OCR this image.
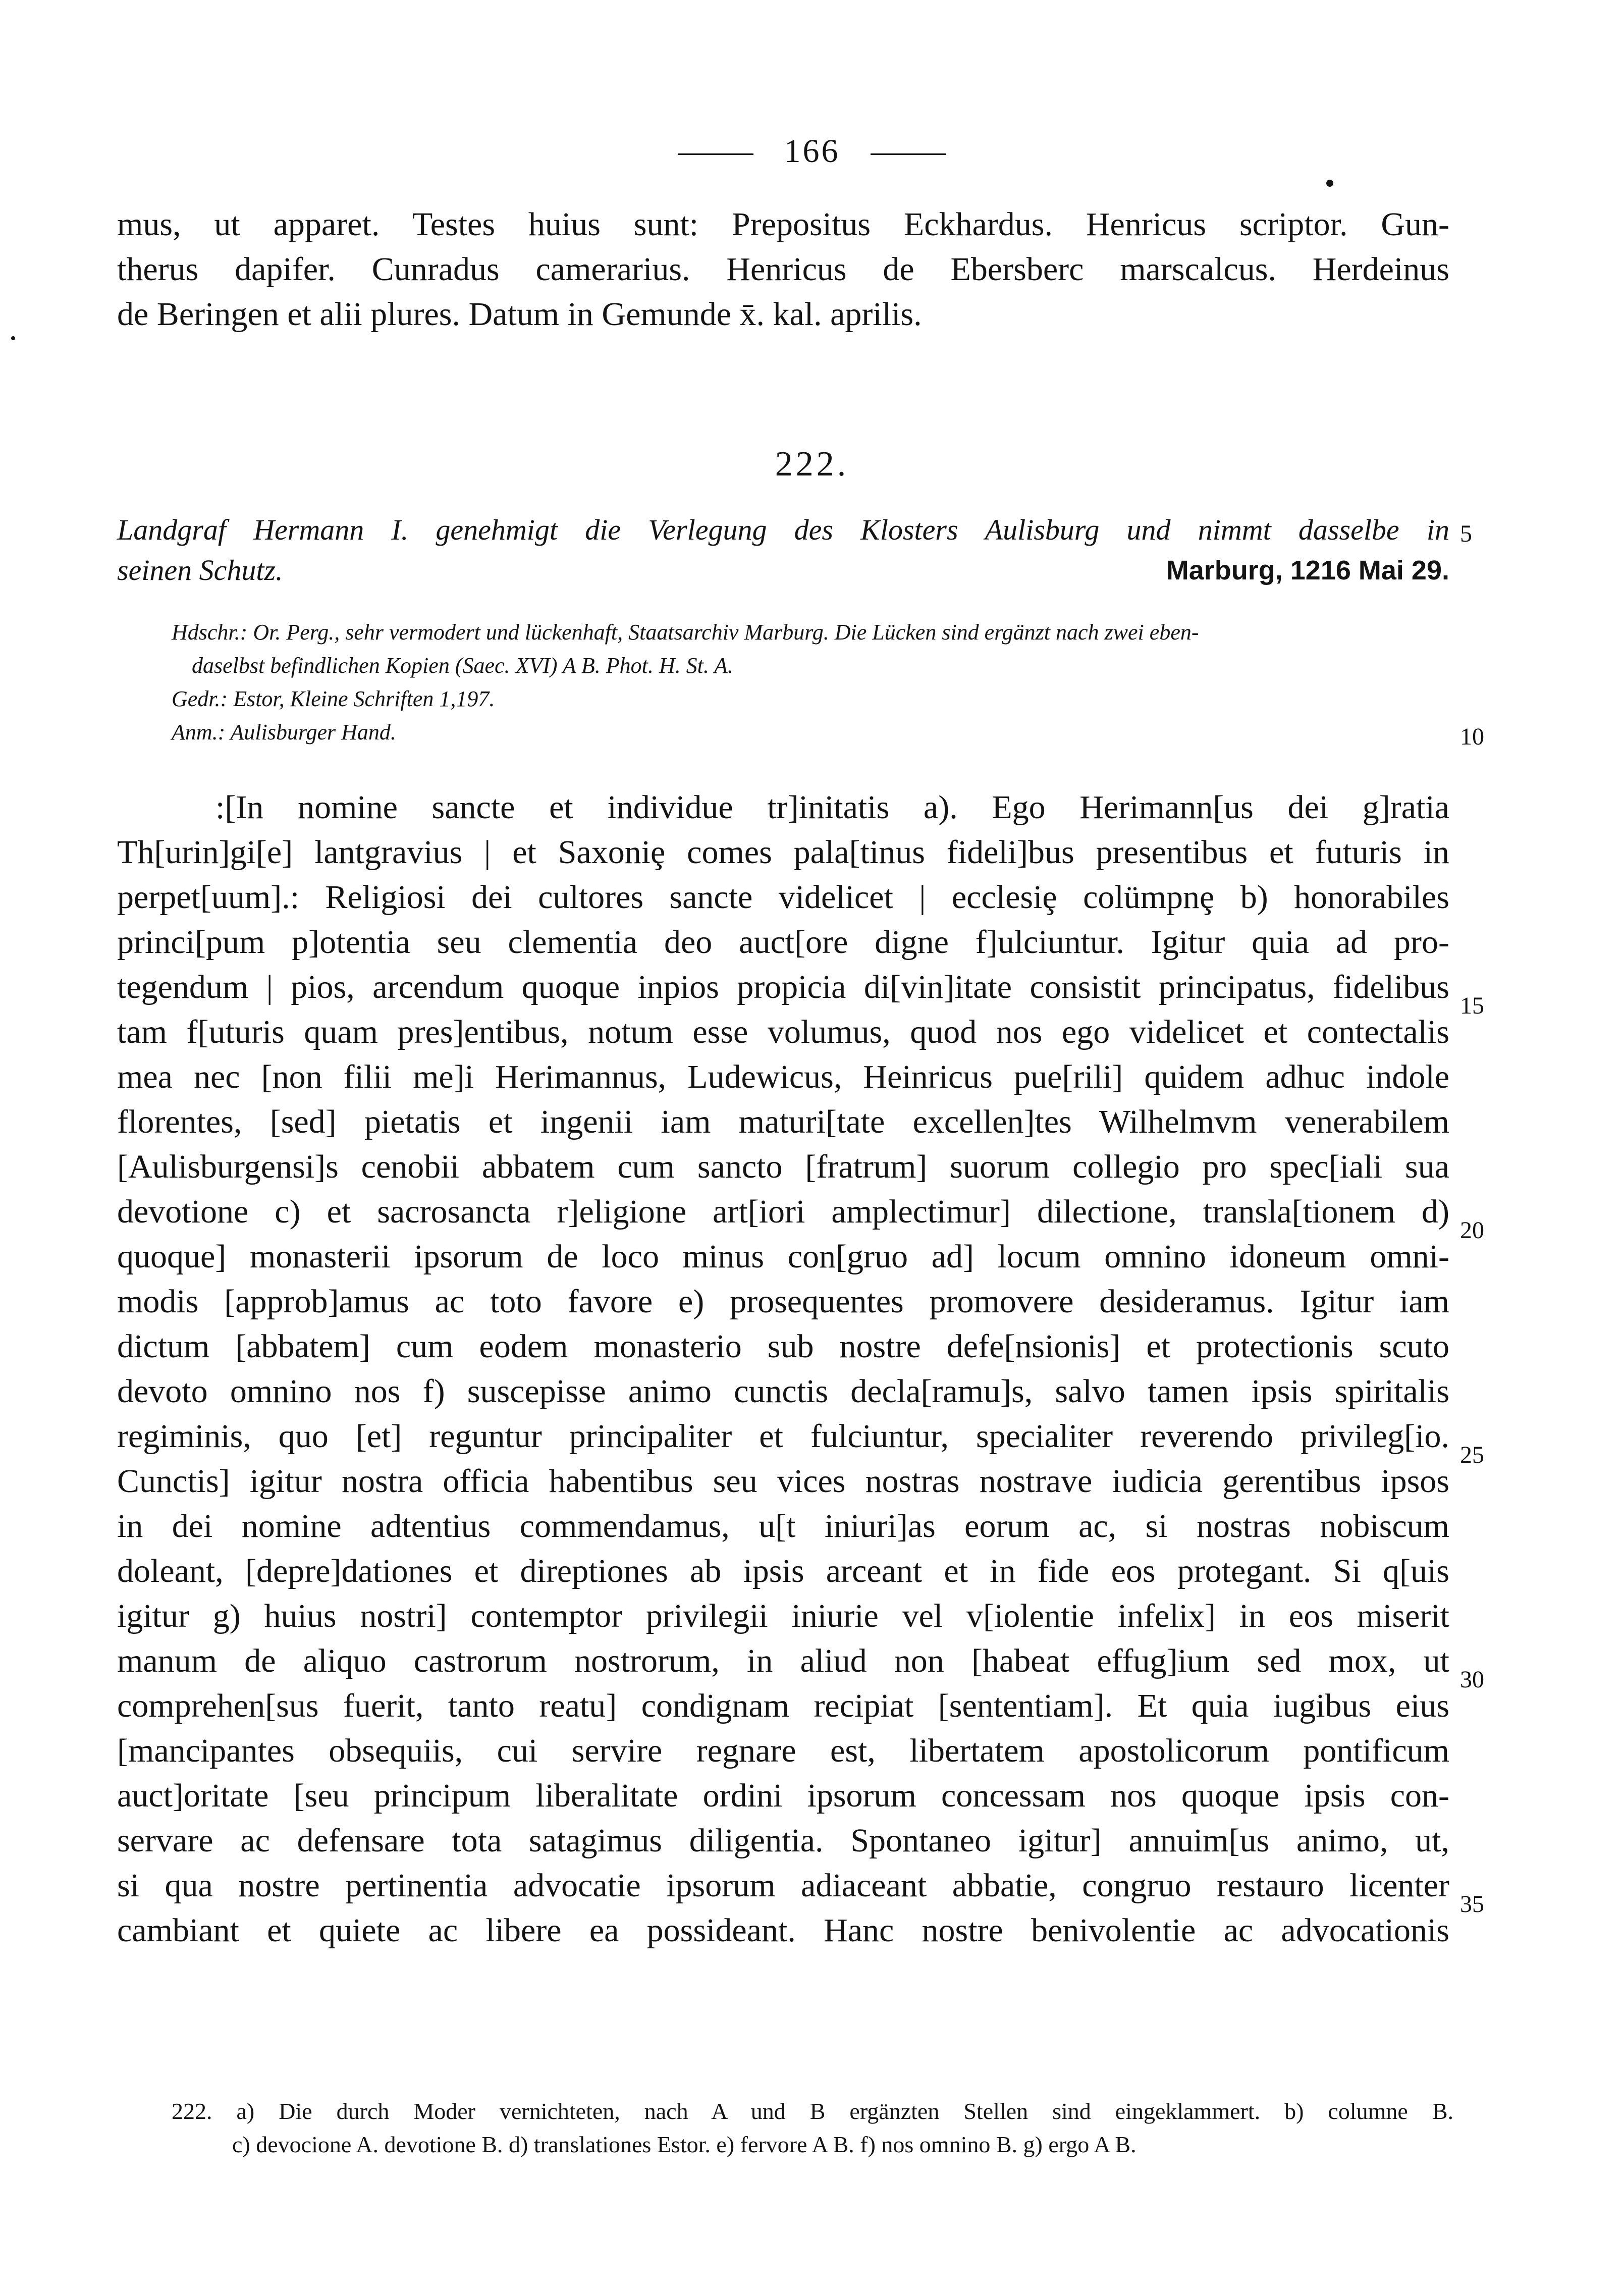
166
mus, ut apparet. Testes huius sunt: Prepositus Eckhardus. Henricus scriptor. Gun-
therus dapifer. Cunradus camerarius. Henricus de Ebersberc marscalcus. Herdeinus
de Beringen et alii plures. Datum in Gemunde x̄. kal. aprilis.
222.
Landgraf Hermann I. genehmigt die Verlegung des Klosters Aulisburg und nimmt dasselbe in
seinen Schutz.	Marburg, 1216 Mai 29.
Hdschr.: Or. Perg., sehr vermodert und lückenhaft, Staatsarchiv Marburg. Die Lücken sind ergänzt nach zwei eben-
daselbst befindlichen Kopien (Saec. XVI) A B. Phot. H. St. A.
Gedr.: Estor, Kleine Schriften 1,197.
Anm.: Aulisburger Hand.
:[In nomine sancte et individue tr]initatis a). Ego Herimann[us dei g]ratia
Th[urin]gi[e] lantgravius | et Saxoniȩ comes pala[tinus fideli]bus presentibus et futuris in
perpet[uum].: Religiosi dei cultores sancte videlicet | ecclesiȩ colümpnȩ b) honorabiles
princi[pum p]otentia seu clementia deo auct[ore digne f]ulciuntur. Igitur quia ad pro-
tegendum | pios, arcendum quoque inpios propicia di[vin]itate consistit principatus, fidelibus
tam f[uturis quam pres]entibus, notum esse volumus, quod nos ego videlicet et contectalis
mea nec [non filii me]i Herimannus, Ludewicus, Heinricus pue[rili] quidem adhuc indole
florentes, [sed] pietatis et ingenii iam maturi[tate excellen]tes Wilhelmvm venerabilem
[Aulisburgensi]s cenobii abbatem cum sancto [fratrum] suorum collegio pro spec[iali sua
devotione c) et sacrosancta r]eligione art[iori amplectimur] dilectione, transla[tionem d)
quoque] monasterii ipsorum de loco minus con[gruo ad] locum omnino idoneum omni-
modis [approb]amus ac toto favore e) prosequentes promovere desideramus. Igitur iam
dictum [abbatem] cum eodem monasterio sub nostre defe[nsionis] et protectionis scuto
devoto omnino nos f) suscepisse animo cunctis decla[ramu]s, salvo tamen ipsis spiritalis
regiminis, quo [et] reguntur principaliter et fulciuntur, specialiter reverendo privileg[io.
Cunctis] igitur nostra officia habentibus seu vices nostras nostrave iudicia gerentibus ipsos
in dei nomine adtentius commendamus, u[t iniuri]as eorum ac, si nostras nobiscum
doleant, [depre]dationes et direptiones ab ipsis arceant et in fide eos protegant. Si q[uis
igitur g) huius nostri] contemptor privilegii iniurie vel v[iolentie infelix] in eos miserit
manum de aliquo castrorum nostrorum, in aliud non [habeat effug]ium sed mox, ut
comprehen[sus fuerit, tanto reatu] condignam recipiat [sententiam]. Et quia iugibus eius
[mancipantes obsequiis, cui servire regnare est, libertatem apostolicorum pontificum
auct]oritate [seu principum liberalitate ordini ipsorum concessam nos quoque ipsis con-
servare ac defensare tota satagimus diligentia. Spontaneo igitur] annuim[us animo, ut,
si qua nostre pertinentia advocatie ipsorum adiaceant abbatie, congruo restauro licenter
cambiant et quiete ac libere ea possideant. Hanc nostre benivolentie ac advocationis
5
10
15
20
25
30
35
222. a) Die durch Moder vernichteten, nach A und B ergänzten Stellen sind eingeklammert. b) columne B.
c) devocione A. devotione B. d) translationes Estor. e) fervore A B. f) nos omnino B. g) ergo A B.
